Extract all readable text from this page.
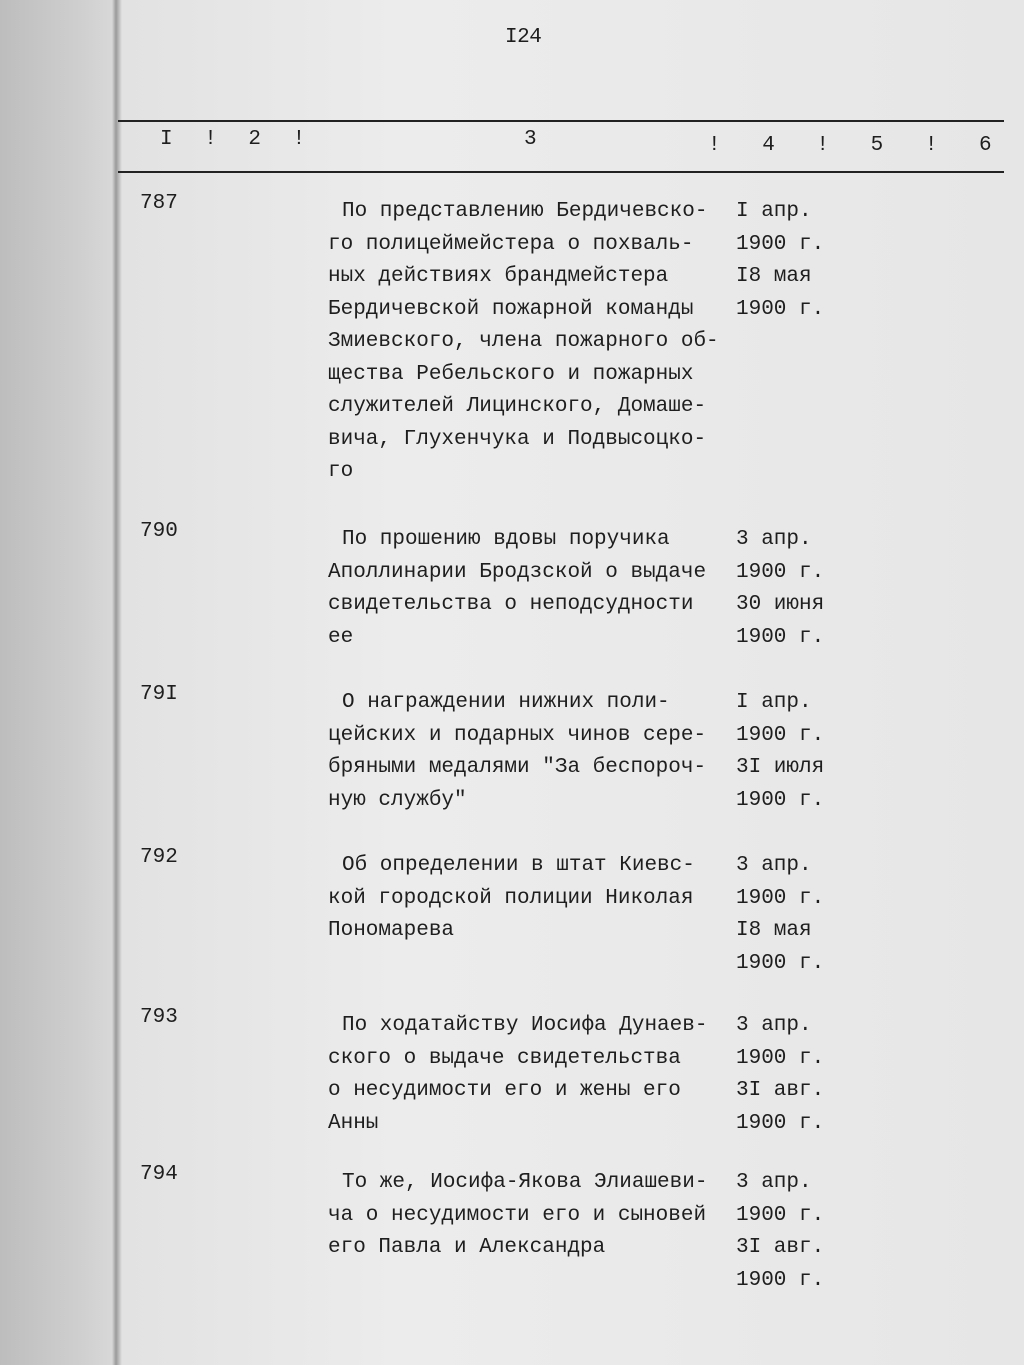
I24
I ! 2 !	3	! 4 ! 5 ! 6
787	По представлению Бердичевско-
го полицеймейстера о похваль-
ных действиях брандмейстера
Бердичевской пожарной команды
Змиевского, члена пожарного об-
щества Ребельского и пожарных
служителей Лицинского, Домаше-
вича, Глухенчука и Подвысоцко-
го
I апр.
1900 г.
I8 мая
1900 г.
790	По прошению вдовы поручика
Аполлинарии Бродзской о выдаче
свидетельства о неподсудности
ее
3 апр.
1900 г.
30 июня
1900 г.
79I	О награждении нижних поли-
цейских и подарных чинов сере-
бряными медалями "За беспороч-
ную службу"
I апр.
1900 г.
3I июля
1900 г.
792	Об определении в штат Киевс-
кой городской полиции Николая
Пономарева
3 апр.
1900 г.
I8 мая
1900 г.
793	По ходатайству Иосифа Дунаев-
ского о выдаче свидетельства
о несудимости его и жены его
Анны
3 апр.
1900 г.
3I авг.
1900 г.
794	То же, Иосифа-Якова Элиашеви-
ча о несудимости его и сыновей
его Павла и Александра
3 апр.
1900 г.
3I авг.
1900 г.
